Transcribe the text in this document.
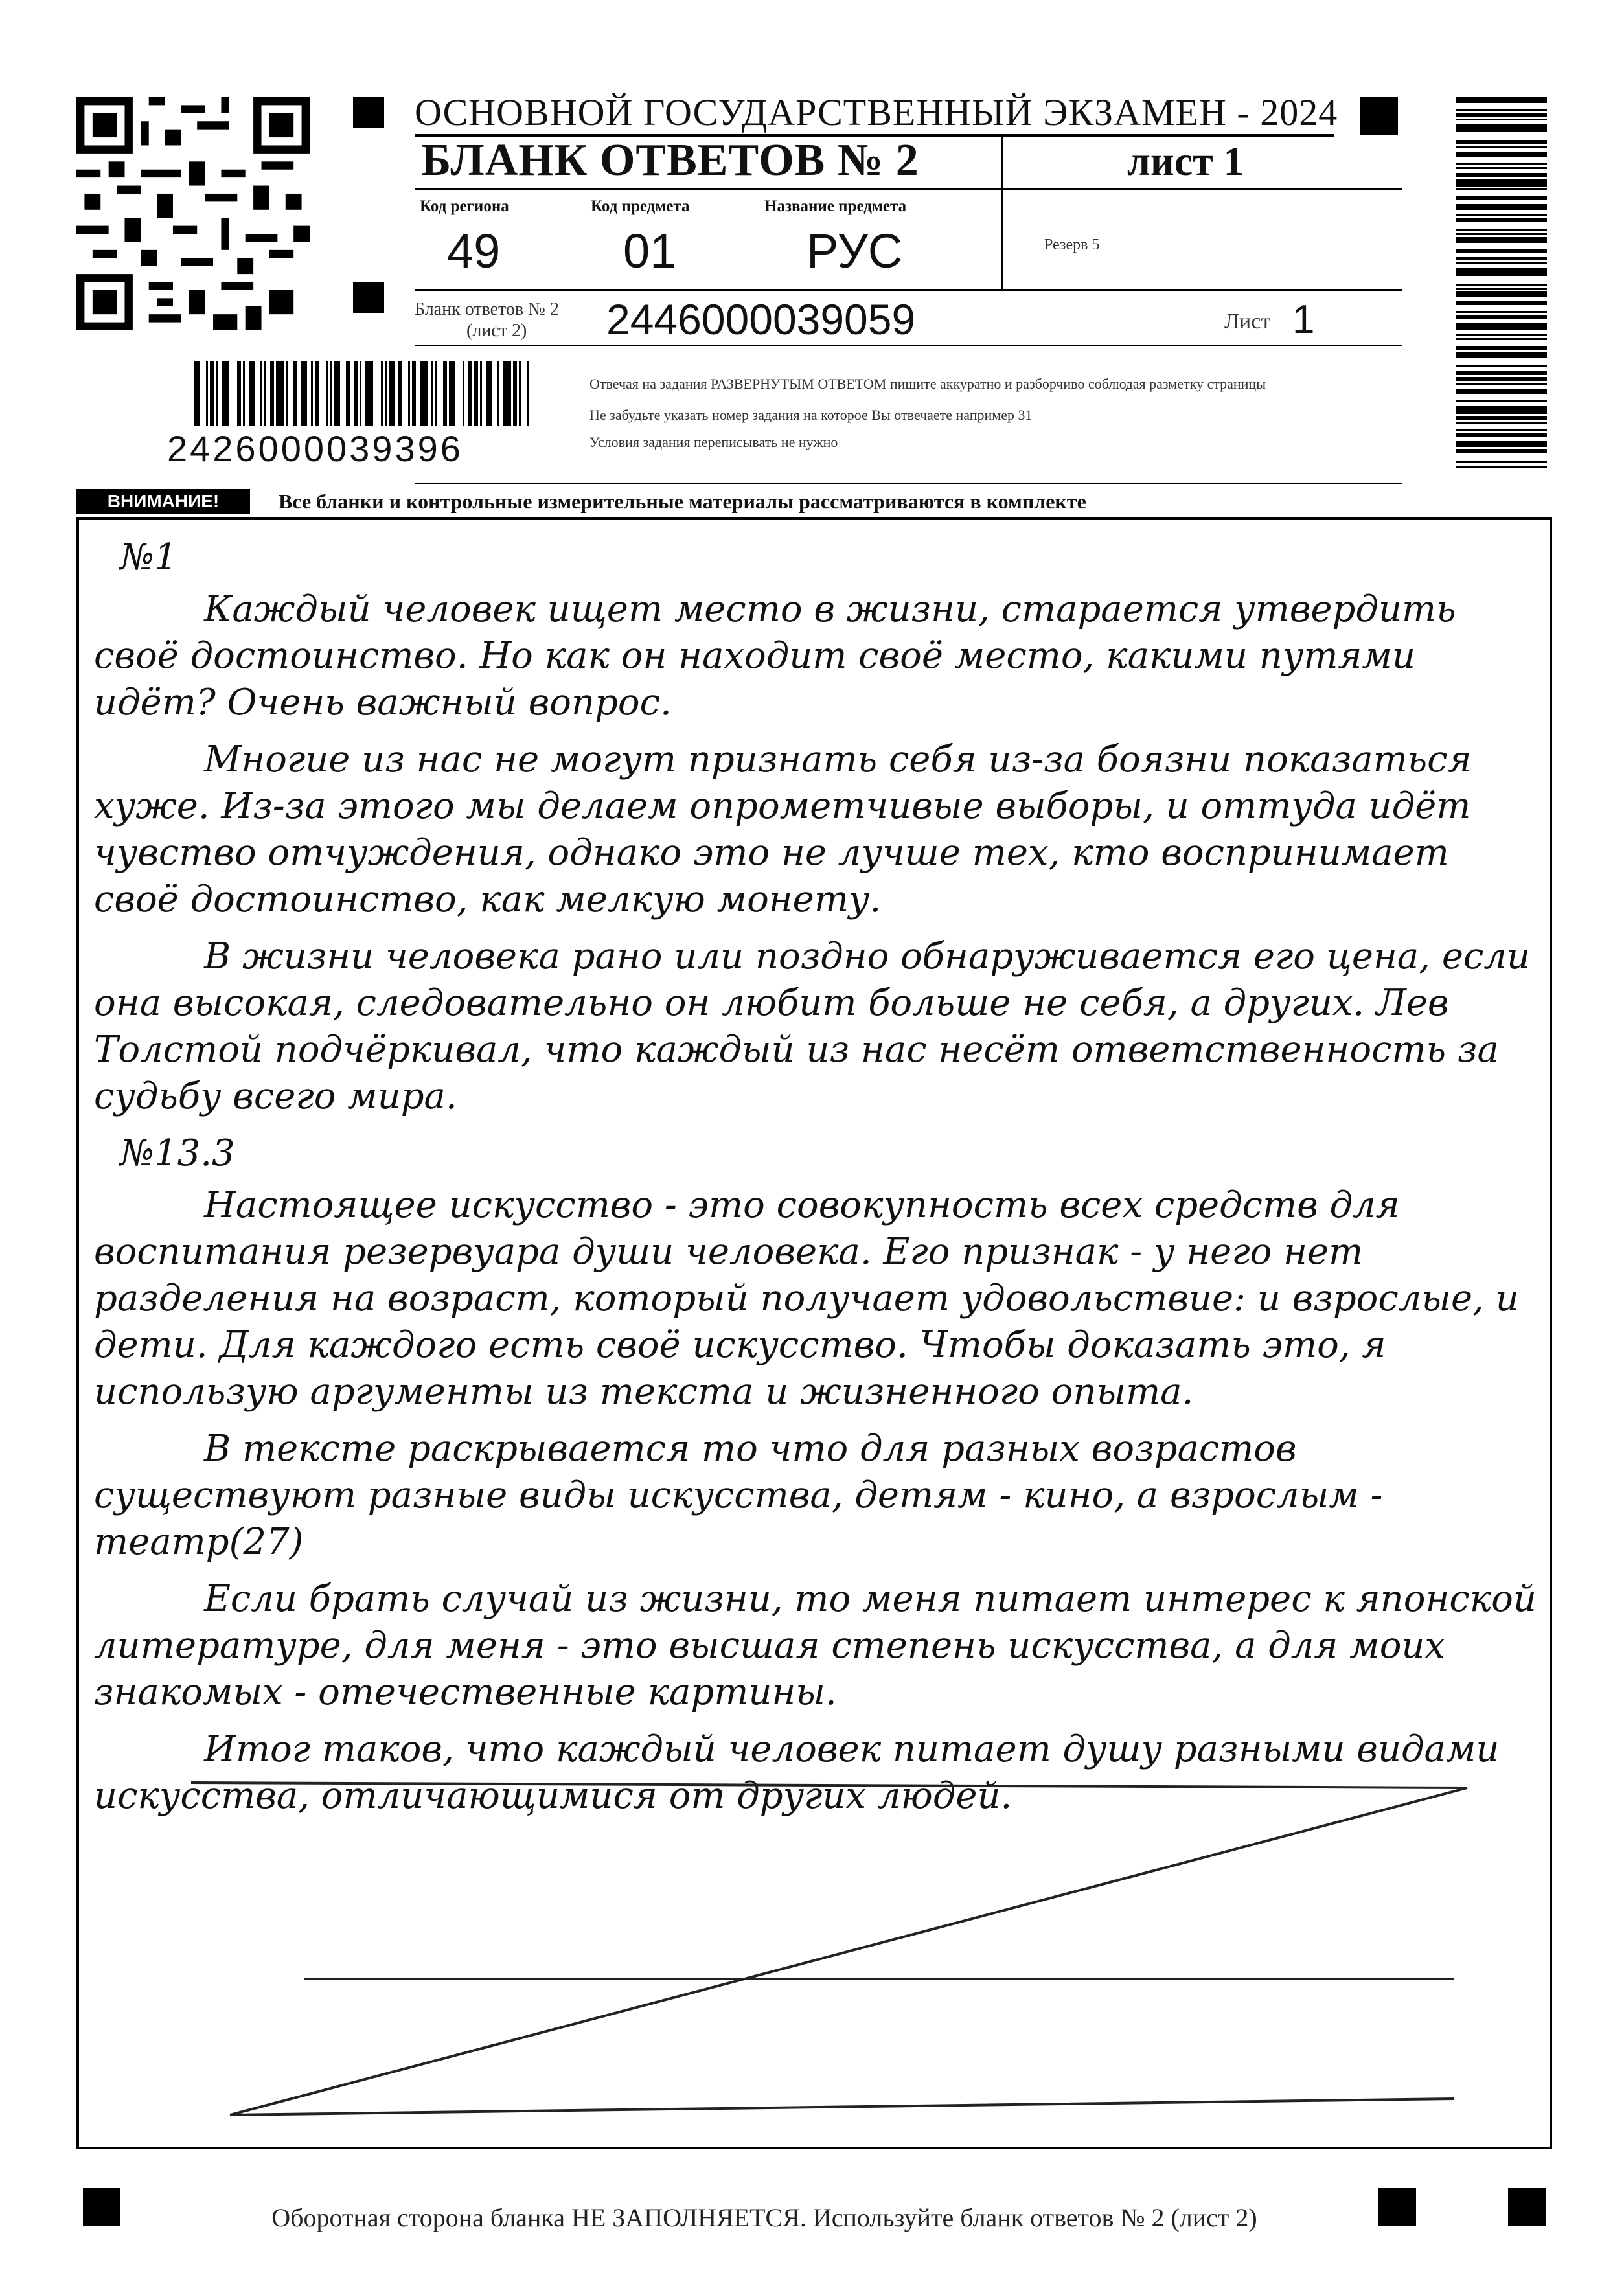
2426000039396
ОСНОВНОЙ ГОСУДАРСТВЕННЫЙ ЭКЗАМЕН - 2024
БЛАНК ОТВЕТОВ № 2	лист 1
Код региона
49
Код предмета
01
Название предмета
РУС	Резерв 5
Бланк ответов № 2
(лист 2) 2446000039059	Лист 1
Отвечая на задания РАЗВЕРНУТЫМ ОТВЕТОМ пишите аккуратно и разборчиво соблюдая разметку страницы
Не забудьте указать номер задания на которое Вы отвечаете например 31
Условия задания переписывать не нужно
ВНИМАНИЕ!	Все бланки и контрольные измерительные материалы рассматриваются в комплекте

№1

Каждый человек ищет место в жизни, старается утвердить своё достоинство. Но как он находит своё место, какими путями идёт? Очень важный вопрос.

Многие из нас не могут признать себя из-за боязни показаться хуже. Из-за этого мы делаем опрометчивые выборы, и оттуда идёт чувство отчуждения, однако это не лучше тех, кто воспринимает своё достоинство, как мелкую монету.

В жизни человека рано или поздно обнаруживается его цена, если она высокая, следовательно он любит больше не себя, а других. Лев Толстой подчёркивал, что каждый из нас несёт ответственность за судьбу всего мира.

№13.3

Настоящее искусство - это совокупность всех средств для воспитания резервуара души человека. Его признак - у него нет разделения на возраст, который получает удовольствие: и взрослые, и дети. Для каждого есть своё искусство. Чтобы доказать это, я использую аргументы из текста и жизненного опыта.

В тексте раскрывается то что для разных возрастов существуют разные виды искусства, детям - кино, а взрослым - театр(27)

Если брать случай из жизни, то меня питает интерес к японской литературе, для меня - это высшая степень искусства, а для моих знакомых - отечественные картины.

Итог таков, что каждый человек питает душу разными видами искусства, отличающимися от других людей.

Оборотная сторона бланка НЕ ЗАПОЛНЯЕТСЯ. Используйте бланк ответов № 2 (лист 2)
